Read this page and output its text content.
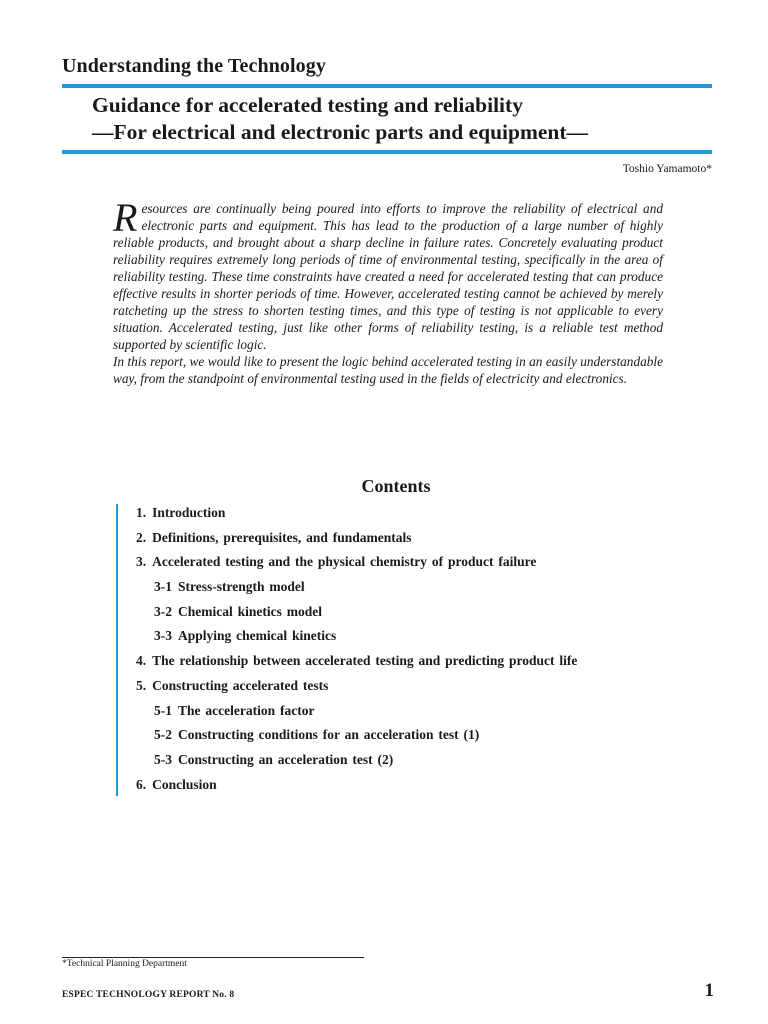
Understanding the Technology
Guidance for accelerated testing and reliability
—For electrical and electronic parts and equipment—
Toshio Yamamoto*

Resources are continually being poured into efforts to improve the reliability of electrical and electronic parts and equipment. This has lead to the production of a large number of highly reliable products, and brought about a sharp decline in failure rates. Concretely evaluating product reliability requires extremely long periods of time of environmental testing, specifically in the area of reliability testing. These time constraints have created a need for accelerated testing that can produce effective results in shorter periods of time. However, accelerated testing cannot be achieved by merely ratcheting up the stress to shorten testing times, and this type of testing is not applicable to every situation. Accelerated testing, just like other forms of reliability testing, is a reliable test method supported by scientific logic.

In this report, we would like to present the logic behind accelerated testing in an easily understandable way, from the standpoint of environmental testing used in the fields of electricity and electronics.

Contents
1. Introduction
2. Definitions, prerequisites, and fundamentals
3. Accelerated testing and the physical chemistry of product failure
3-1 Stress-strength model
3-2 Chemical kinetics model
3-3 Applying chemical kinetics
4. The relationship between accelerated testing and predicting product life
5. Constructing accelerated tests
5-1 The acceleration factor
5-2 Constructing conditions for an acceleration test (1)
5-3 Constructing an acceleration test (2)
6. Conclusion
*Technical Planning Department
ESPEC TECHNOLOGY REPORT No. 8	1
